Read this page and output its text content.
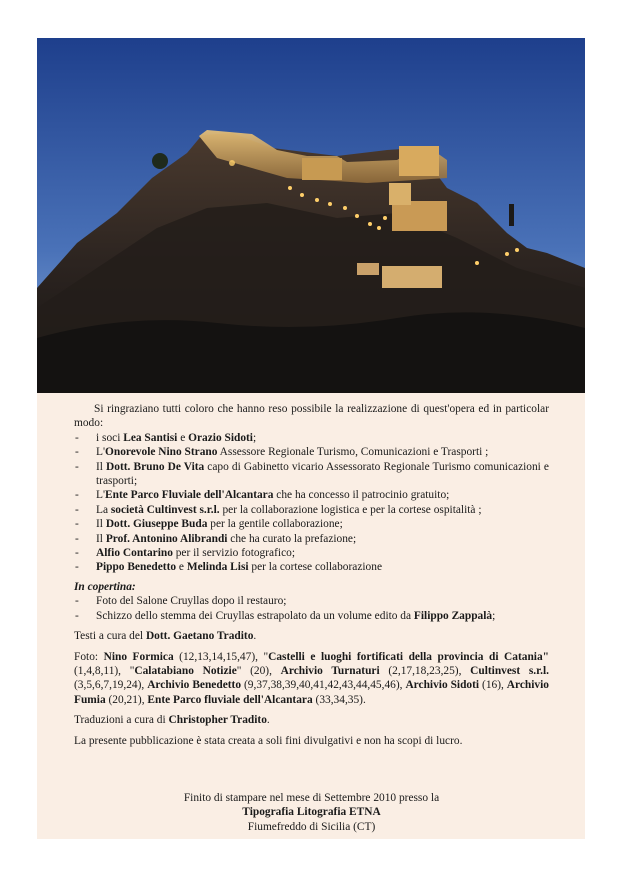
Si ringraziano tutti coloro che hanno reso possibile la realizzazione di quest'opera ed in particolar modo:

- i soci Lea Santisi e Orazio Sidoti;
- L'Onorevole Nino Strano Assessore Regionale Turismo, Comunicazioni e Trasporti ;
- Il Dott. Bruno De Vita capo di Gabinetto vicario Assessorato Regionale Turismo comunicazioni e trasporti;
- L'Ente Parco Fluviale dell'Alcantara che ha concesso il patrocinio gratuito;
- La società Cultinvest s.r.l. per la collaborazione logistica e per la cortese ospitalità ;
- Il Dott. Giuseppe Buda per la gentile collaborazione;
- Il Prof. Antonino Alibrandi che ha curato la prefazione;
- Alfio Contarino per il servizio fotografico;
- Pippo Benedetto e Melinda Lisi per la cortese collaborazione

In copertina:

- Foto del Salone Cruyllas dopo il restauro;
- Schizzo dello stemma dei Cruyllas estrapolato da un volume edito da Filippo Zappalà;

Testi a cura del Dott. Gaetano Tradito.

Foto: Nino Formica (12,13,14,15,47), "Castelli e luoghi fortificati della provincia di Catania" (1,4,8,11), "Calatabiano Notizie" (20), Archivio Turnaturi (2,17,18,23,25), Cultinvest s.r.l. (3,5,6,7,19,24), Archivio Benedetto (9,37,38,39,40,41,42,43,44,45,46), Archivio Sidoti (16), Archivio Fumia (20,21), Ente Parco fluviale dell'Alcantara (33,34,35).

Traduzioni a cura di Christopher Tradito.

La presente pubblicazione è stata creata a soli fini divulgativi e non ha scopi di lucro.

Finito di stampare nel mese di Settembre 2010 presso la
Tipografia Litografia ETNA
Fiumefreddo di Sicilia (CT)
